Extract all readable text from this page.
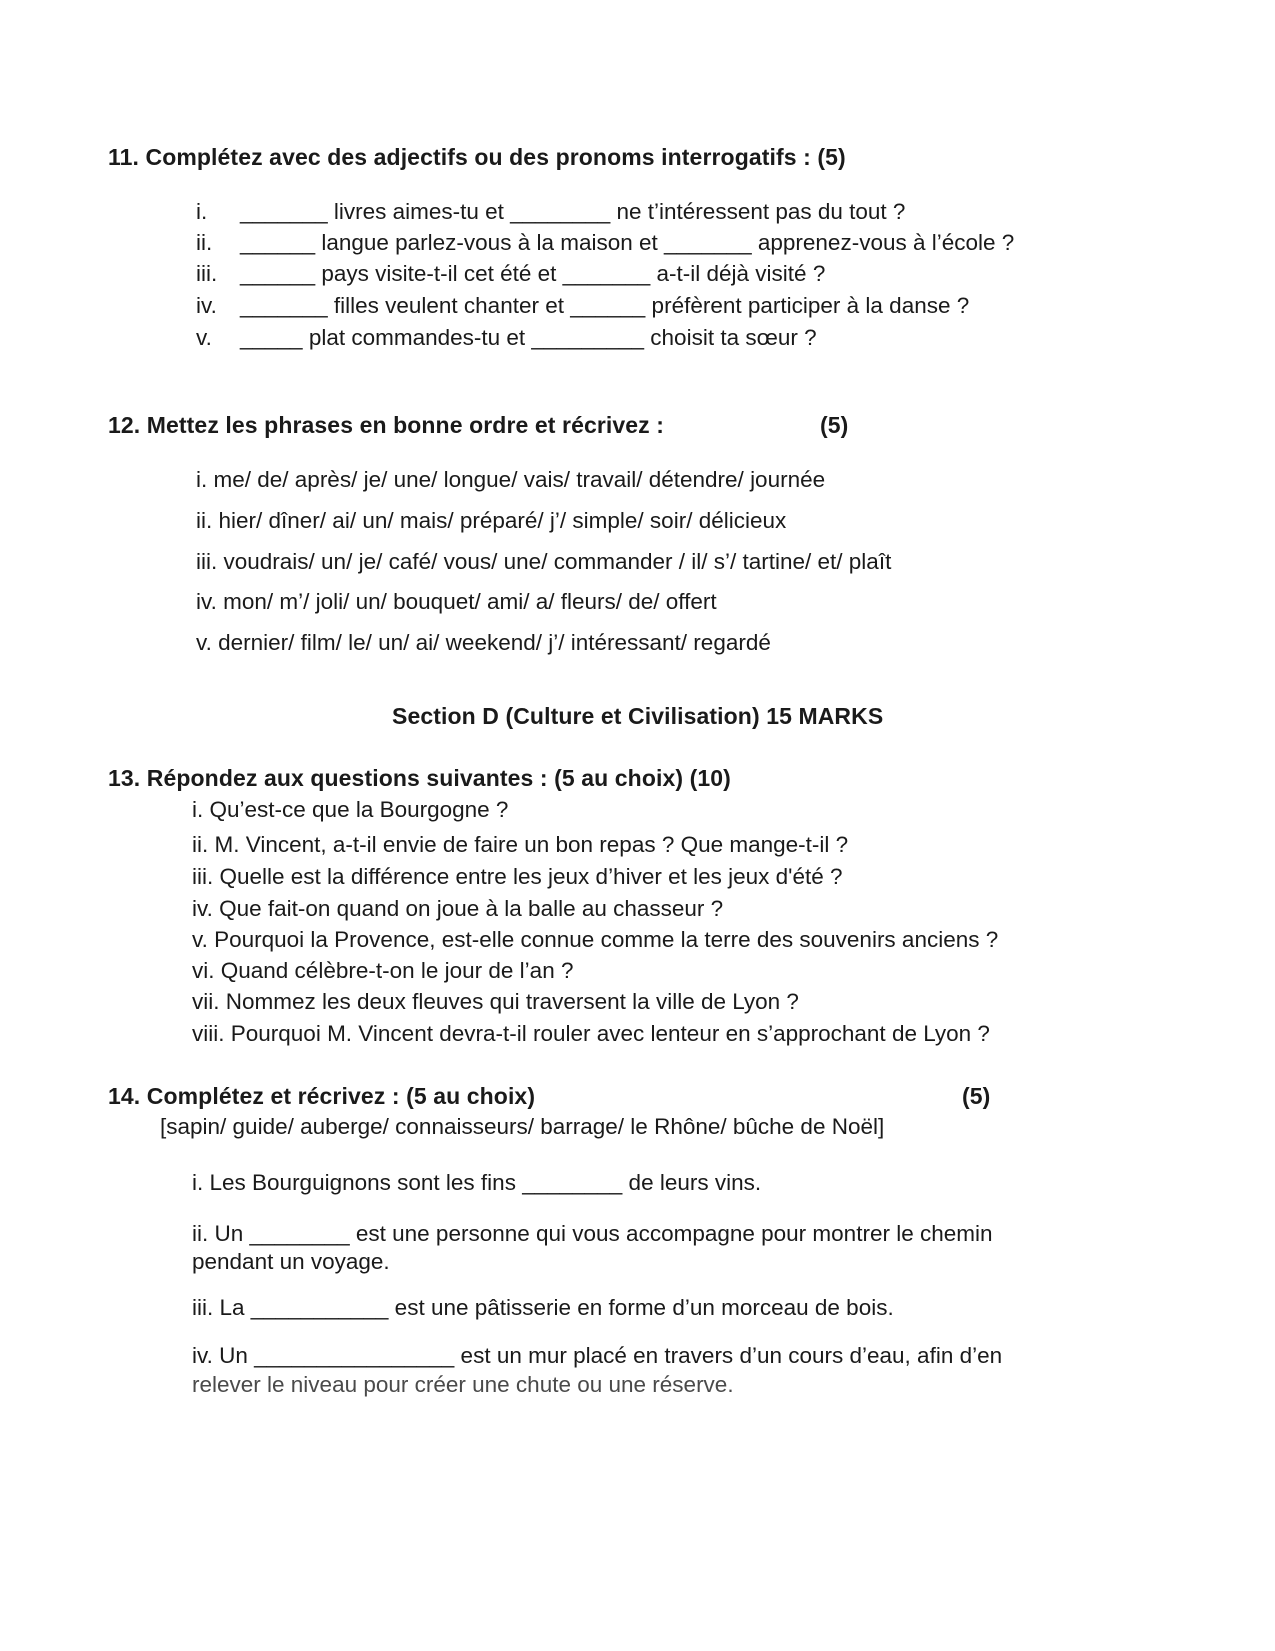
11. Complétez avec des adjectifs ou des pronoms interrogatifs : (5)
i. _______ livres aimes-tu et ________ ne t’intéressent pas du tout ?
ii. ______ langue parlez-vous à la maison et _______ apprenez-vous à l’école ?
iii. ______ pays visite-t-il cet été et _______ a-t-il déjà visité ?
iv. _______ filles veulent chanter et ______ préfèrent participer à la danse ?
v. _____ plat commandes-tu et _________ choisit ta sœur ?
12. Mettez les phrases en bonne ordre et récrivez :	(5)
i. me/ de/ après/ je/ une/ longue/ vais/ travail/ détendre/ journée
ii. hier/ dîner/ ai/ un/ mais/ préparé/ j’/ simple/ soir/ délicieux
iii. voudrais/ un/ je/ café/ vous/ une/ commander / il/ s’/ tartine/ et/ plaît
iv. mon/ m’/ joli/ un/ bouquet/ ami/ a/ fleurs/ de/ offert
v. dernier/ film/ le/ un/ ai/ weekend/ j’/ intéressant/ regardé
Section D (Culture et Civilisation) 15 MARKS
13. Répondez aux questions suivantes : (5 au choix) (10)
i. Qu’est-ce que la Bourgogne ?
ii. M. Vincent, a-t-il envie de faire un bon repas ? Que mange-t-il ?
iii. Quelle est la différence entre les jeux d’hiver et les jeux d'été ?
iv. Que fait-on quand on joue à la balle au chasseur ?
v. Pourquoi la Provence, est-elle connue comme la terre des souvenirs anciens ?
vi. Quand célèbre-t-on le jour de l’an ?
vii. Nommez les deux fleuves qui traversent la ville de Lyon ?
viii. Pourquoi M. Vincent devra-t-il rouler avec lenteur en s’approchant de Lyon ?
14. Complétez et récrivez : (5 au choix)	(5)
[sapin/ guide/ auberge/ connaisseurs/ barrage/ le Rhône/ bûche de Noël]
i. Les Bourguignons sont les fins ________ de leurs vins.
ii. Un ________ est une personne qui vous accompagne pour montrer le chemin
pendant un voyage.
iii. La ___________ est une pâtisserie en forme d’un morceau de bois.
iv. Un ________________ est un mur placé en travers d’un cours d’eau, afin d’en
relever le niveau pour créer une chute ou une réserve.
